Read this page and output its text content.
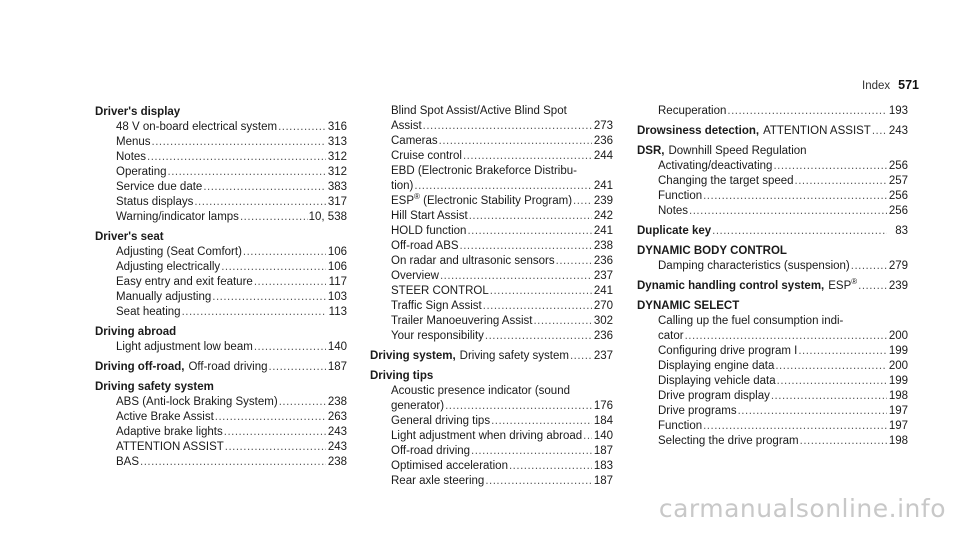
Index 571
Driver's display
48 V on-board electrical system .....	316
Menus .....	313
Notes .....	312
Operating .....	312
Service due date .....	383
Status displays .....	317
Warning/indicator lamps .....	10, 538
Driver's seat
Adjusting (Seat Comfort) .....	106
Adjusting electrically .....	106
Easy entry and exit feature .....	117
Manually adjusting .....	103
Seat heating .....	113
Driving abroad
Light adjustment low beam .....	140
Driving off-road, Off-road driving .....	187
Driving safety system
ABS (Anti-lock Braking System) .....	238
Active Brake Assist .....	263
Adaptive brake lights .....	243
ATTENTION ASSIST .....	243
BAS .....	238
Blind Spot Assist/Active Blind Spot
Assist .....	273
Cameras .....	236
Cruise control .....	244
EBD (Electronic Brakeforce Distribu-
tion) .....	241
ESP® (Electronic Stability Program) ..... 239
Hill Start Assist .....	242
HOLD function .....	241
Off-road ABS .....	238
On radar and ultrasonic sensors .....	236
Overview .....	237
STEER CONTROL .....	241
Traffic Sign Assist .....	270
Trailer Manoeuvering Assist .....	302
Your responsibility .....	236
Driving system, Driving safety system ..... 237
Driving tips
Acoustic presence indicator (sound
generator) .....	176
General driving tips .....	184
Light adjustment when driving abroad ..... 140
Off-road driving .....	187
Optimised acceleration .....	183
Rear axle steering .....	187
Recuperation .....	193
Drowsiness detection, ATTENTION ASSIST ..... 243
DSR, Downhill Speed Regulation
Activating/deactivating .....	256
Changing the target speed .....	257
Function .....	256
Notes .....	256
Duplicate key .....	83
DYNAMIC BODY CONTROL
Damping characteristics (suspension) .....	279
Dynamic handling control system, ESP® .....	239
DYNAMIC SELECT
Calling up the fuel consumption indi-
cator .....	200
Configuring drive program I .....	199
Displaying engine data .....	200
Displaying vehicle data .....	199
Drive program display .....	198
Drive programs .....	197
Function .....	197
Selecting the drive program .....	198
carmanualsonline.info
